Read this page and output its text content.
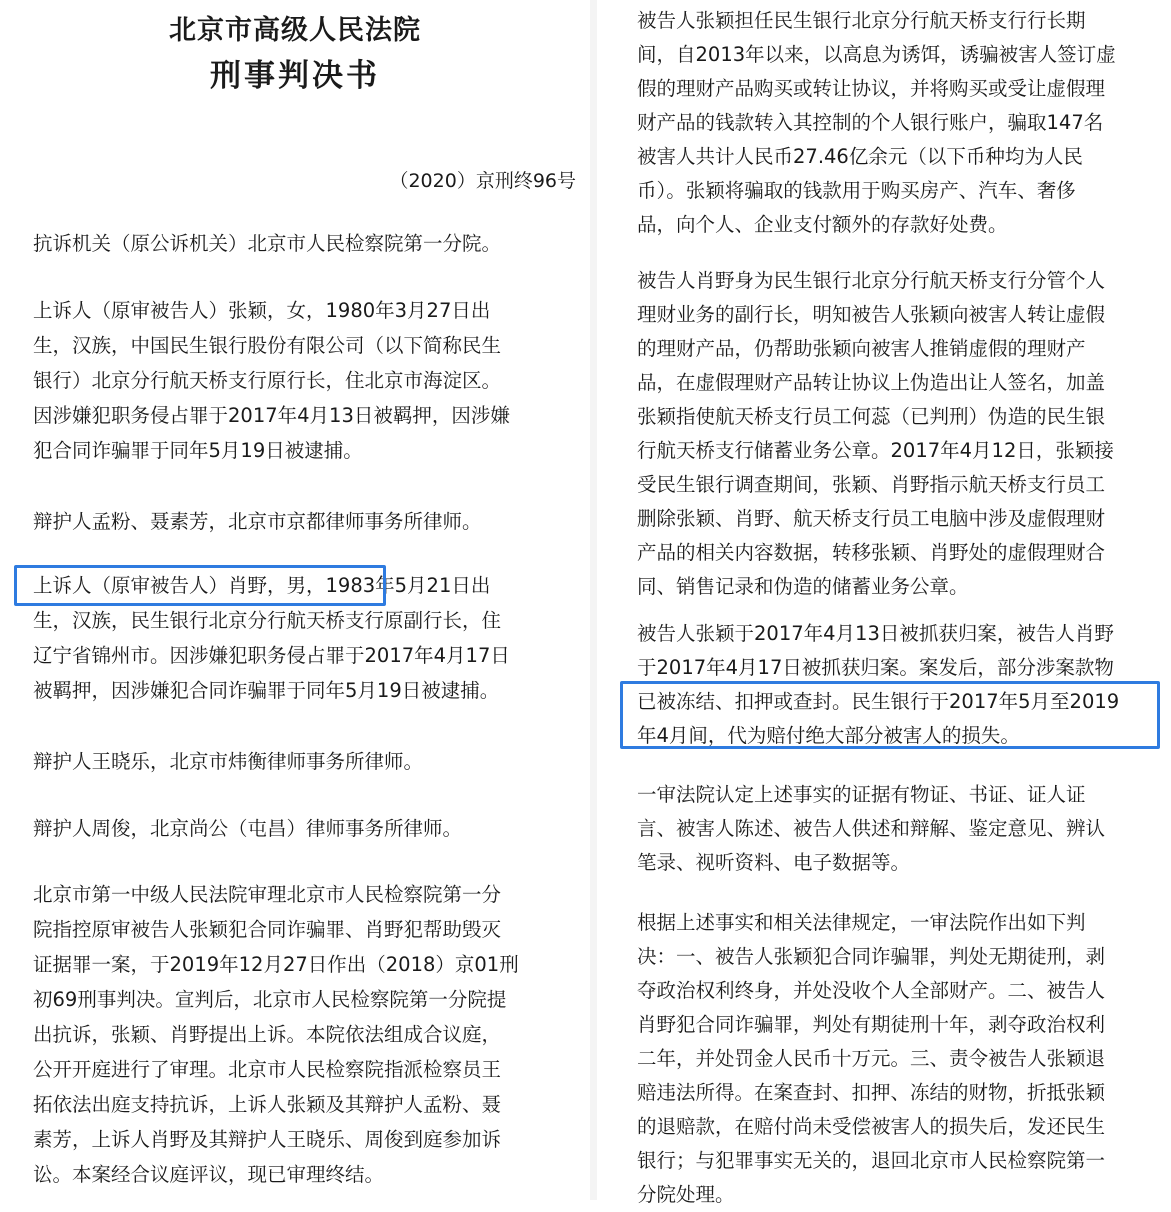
北京市高级人民法院
刑事判决书
（2020）京刑终96号
抗诉机关（原公诉机关）北京市人民检察院第一分院。
上诉人（原审被告人）张颖，女，1980年3月27日出
生，汉族，中国民生银行股份有限公司（以下简称民生
银行）北京分行航天桥支行原行长，住北京市海淀区。
因涉嫌犯职务侵占罪于2017年4月13日被羁押，因涉嫌
犯合同诈骗罪于同年5月19日被逮捕。
辩护人孟粉、聂素芳，北京市京都律师事务所律师。
上诉人（原审被告人）肖野，男，1983年5月21日出
生，汉族，民生银行北京分行航天桥支行原副行长，住
辽宁省锦州市。因涉嫌犯职务侵占罪于2017年4月17日
被羁押，因涉嫌犯合同诈骗罪于同年5月19日被逮捕。
辩护人王晓乐，北京市炜衡律师事务所律师。
辩护人周俊，北京尚公（屯昌）律师事务所律师。
北京市第一中级人民法院审理北京市人民检察院第一分
院指控原审被告人张颖犯合同诈骗罪、肖野犯帮助毁灭
证据罪一案，于2019年12月27日作出（2018）京01刑
初69刑事判决。宣判后，北京市人民检察院第一分院提
出抗诉，张颖、肖野提出上诉。本院依法组成合议庭，
公开开庭进行了审理。北京市人民检察院指派检察员王
拓依法出庭支持抗诉，上诉人张颖及其辩护人孟粉、聂
素芳，上诉人肖野及其辩护人王晓乐、周俊到庭参加诉
讼。本案经合议庭评议，现已审理终结。
被告人张颖担任民生银行北京分行航天桥支行行长期
间，自2013年以来，以高息为诱饵，诱骗被害人签订虚
假的理财产品购买或转让协议，并将购买或受让虚假理
财产品的钱款转入其控制的个人银行账户，骗取147名
被害人共计人民币27.46亿余元（以下币种均为人民
币）。张颖将骗取的钱款用于购买房产、汽车、奢侈
品，向个人、企业支付额外的存款好处费。
被告人肖野身为民生银行北京分行航天桥支行分管个人
理财业务的副行长，明知被告人张颖向被害人转让虚假
的理财产品，仍帮助张颖向被害人推销虚假的理财产
品，在虚假理财产品转让协议上伪造出让人签名，加盖
张颖指使航天桥支行员工何蕊（已判刑）伪造的民生银
行航天桥支行储蓄业务公章。2017年4月12日，张颖接
受民生银行调查期间，张颖、肖野指示航天桥支行员工
删除张颖、肖野、航天桥支行员工电脑中涉及虚假理财
产品的相关内容数据，转移张颖、肖野处的虚假理财合
同、销售记录和伪造的储蓄业务公章。
被告人张颖于2017年4月13日被抓获归案，被告人肖野
于2017年4月17日被抓获归案。案发后，部分涉案款物
已被冻结、扣押或查封。民生银行于2017年5月至2019
年4月间，代为赔付绝大部分被害人的损失。
一审法院认定上述事实的证据有物证、书证、证人证
言、被害人陈述、被告人供述和辩解、鉴定意见、辨认
笔录、视听资料、电子数据等。
根据上述事实和相关法律规定，一审法院作出如下判
决：一、被告人张颖犯合同诈骗罪，判处无期徒刑，剥
夺政治权利终身，并处没收个人全部财产。二、被告人
肖野犯合同诈骗罪，判处有期徒刑十年，剥夺政治权利
二年，并处罚金人民币十万元。三、责令被告人张颖退
赔违法所得。在案查封、扣押、冻结的财物，折抵张颖
的退赔款，在赔付尚未受偿被害人的损失后，发还民生
银行；与犯罪事实无关的，退回北京市人民检察院第一
分院处理。
